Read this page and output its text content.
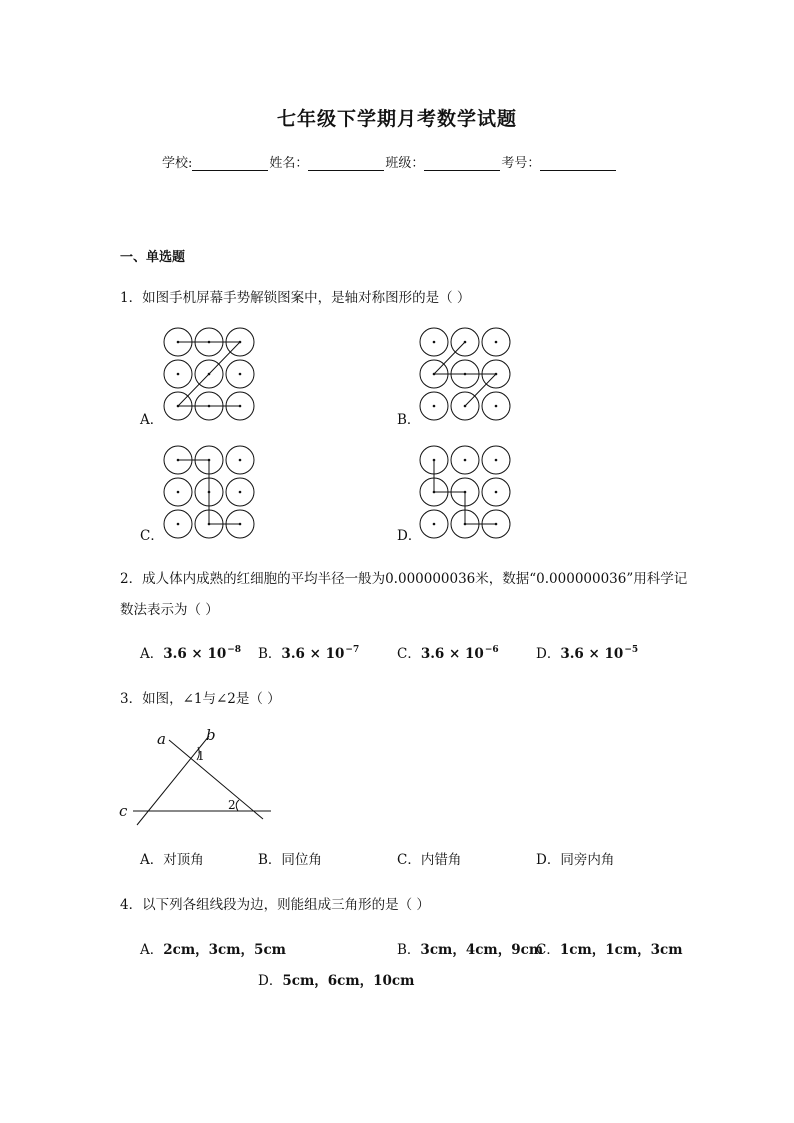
七年级下学期月考数学试题
学校:	姓名：	班级：	考号：
一、单选题
1．如图手机屏幕手势解锁图案中，是轴对称图形的是（ ）
A．	B．
C．	D．
2．成人体内成熟的红细胞的平均半径一般为0.000000036米，数据“0.000000036”用科学记
数法表示为（ ）
A．$3.6 \times 10^{-8}$ B．$3.6 \times 10^{-7}$	C．$3.6 \times 10^{-6}$	D．$3.6 \times 10^{-5}$
3．如图，∠1与∠2是（ ）
a	b
c
1
2
A．对顶角	B．同位角	C．内错角	D．同旁内角
4．以下列各组线段为边，则能组成三角形的是（ ）
A．2cm，3cm，5cm	B．3cm，4cm，9cm
C．1cm，1cm，3cm
D．5cm，6cm，10cm
